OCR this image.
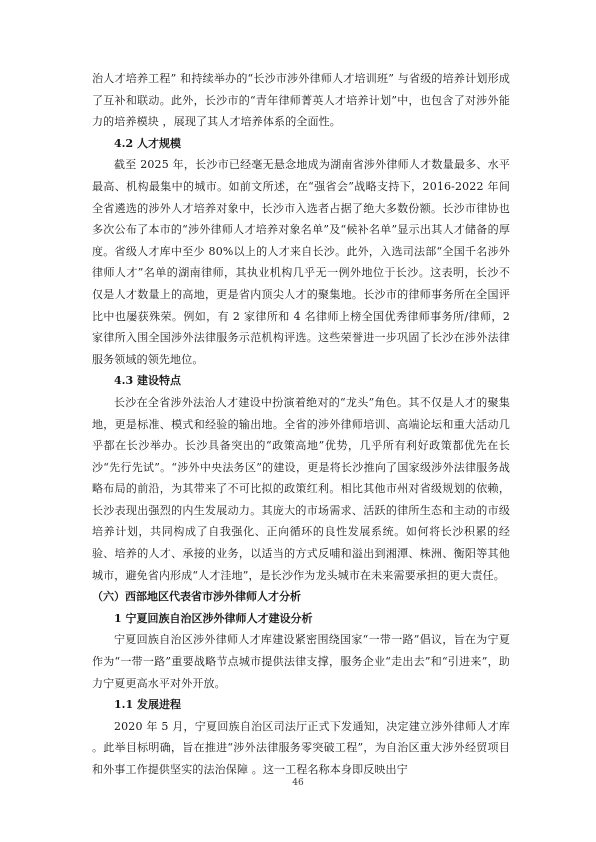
治人才培养工程” 和持续举办的“长沙市涉外律师人才培训班” 与省级的培养计划形成了互补和联动。此外，长沙市的“青年律师菁英人才培养计划”中，也包含了对涉外能力的培养模块 ，展现了其人才培养体系的全面性。

4.2 人才规模

截至 2025 年，长沙市已经毫无悬念地成为湖南省涉外律师人才数量最多、水平最高、机构最集中的城市。如前文所述，在“强省会”战略支持下，2016-2022 年间全省遴选的涉外人才培养对象中，长沙市入选者占据了绝大多数份额。长沙市律协也多次公布了本市的“涉外律师人才培养对象名单”及“候补名单”显示出其人才储备的厚度。省级人才库中至少 80%以上的人才来自长沙。此外，入选司法部“全国千名涉外律师人才”名单的湖南律师，其执业机构几乎无一例外地位于长沙。这表明，长沙不仅是人才数量上的高地，更是省内顶尖人才的聚集地。长沙市的律师事务所在全国评比中也屡获殊荣。例如，有 2 家律所和 4 名律师上榜全国优秀律师事务所/律师，2 家律所入围全国涉外法律服务示范机构评选。这些荣誉进一步巩固了长沙在涉外法律服务领域的领先地位。

4.3 建设特点

长沙在全省涉外法治人才建设中扮演着绝对的“龙头”角色。其不仅是人才的聚集地，更是标准、模式和经验的输出地。全省的涉外律师培训、高端论坛和重大活动几乎都在长沙举办。长沙具备突出的“政策高地”优势，几乎所有利好政策都优先在长沙“先行先试”。“涉外中央法务区”的建设，更是将长沙推向了国家级涉外法律服务战略布局的前沿，为其带来了不可比拟的政策红利。相比其他市州对省级规划的依赖，长沙表现出强烈的内生发展动力。其庞大的市场需求、活跃的律所生态和主动的市级培养计划，共同构成了自我强化、正向循环的良性发展系统。如何将长沙积累的经验、培养的人才、承接的业务，以适当的方式反哺和溢出到湘潭、株洲、衡阳等其他城市，避免省内形成“人才洼地”，是长沙作为龙头城市在未来需要承担的更大责任。

（六）西部地区代表省市涉外律师人才分析

1 宁夏回族自治区涉外律师人才建设分析

宁夏回族自治区涉外律师人才库建设紧密围绕国家“一带一路”倡议，旨在为宁夏作为“一带一路”重要战略节点城市提供法律支撑，服务企业“走出去”和“引进来”，助力宁夏更高水平对外开放。

1.1 发展进程

2020 年 5 月，宁夏回族自治区司法厅正式下发通知，决定建立涉外律师人才库 。此举目标明确，旨在推进“涉外法律服务零突破工程”，为自治区重大涉外经贸项目和外事工作提供坚实的法治保障 。这一工程名称本身即反映出宁

46
